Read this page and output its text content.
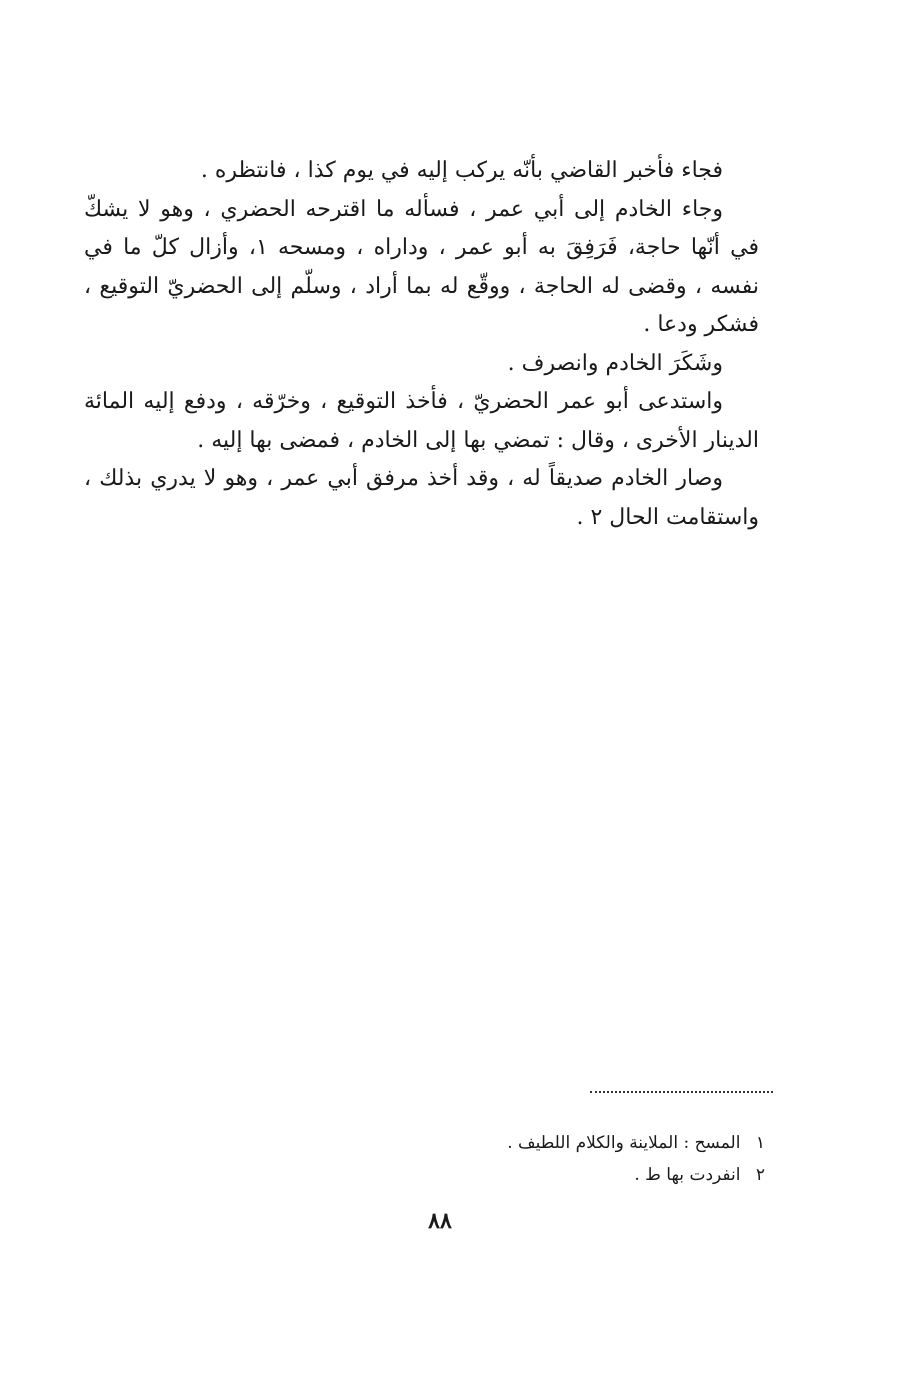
فجاء فأخبر القاضي بأنّه يركب إليه في يوم كذا ، فانتظره .

وجاء الخادم إلى أبي عمر ، فسأله ما اقترحه الحضري ، وهو لا يشكّ في أنّها حاجة، فَرَفِقَ به أبو عمر ، وداراه ، ومسحه ١، وأزال كلّ ما في نفسه ، وقضى له الحاجة ، ووقّع له بما أراد ، وسلّم إلى الحضريّ التوقيع ، فشكر ودعا .

وشَكَرَ الخادم وانصرف .

واستدعى أبو عمر الحضريّ ، فأخذ التوقيع ، وخرّقه ، ودفع إليه المائة الدينار الأخرى ، وقال : تمضي بها إلى الخادم ، فمضى بها إليه .

وصار الخادم صديقاً له ، وقد أخذ مرفق أبي عمر ، وهو لا يدري بذلك ، واستقامت الحال ٢ .

١ المسح : الملاينة والكلام اللطيف .

٢ انفردت بها ط .

٨٨
